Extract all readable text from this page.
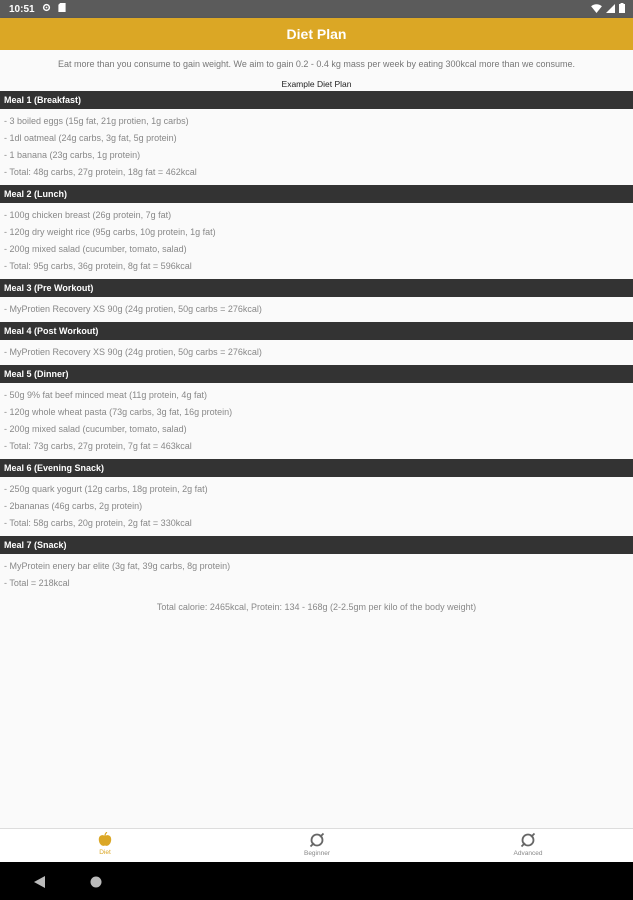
10:51
Diet Plan
Eat more than you consume to gain weight. We aim to gain 0.2 - 0.4 kg mass per week by eating 300kcal more than we consume.
Example Diet Plan
Meal 1 (Breakfast)
- 3 boiled eggs (15g fat, 21g protien, 1g carbs)
- 1dl oatmeal (24g carbs, 3g fat, 5g protein)
- 1 banana (23g carbs, 1g protein)
- Total: 48g carbs, 27g protein, 18g fat = 462kcal
Meal 2 (Lunch)
- 100g chicken breast (26g protein, 7g fat)
- 120g dry weight rice (95g carbs, 10g protein, 1g fat)
- 200g mixed salad (cucumber, tomato, salad)
- Total: 95g carbs, 36g protein, 8g fat = 596kcal
Meal 3 (Pre Workout)
- MyProtien Recovery XS 90g (24g protien, 50g carbs = 276kcal)
Meal 4 (Post Workout)
- MyProtien Recovery XS 90g (24g protien, 50g carbs = 276kcal)
Meal 5 (Dinner)
- 50g 9% fat beef minced meat (11g protein, 4g fat)
- 120g whole wheat pasta (73g carbs, 3g fat, 16g protein)
- 200g mixed salad (cucumber, tomato, salad)
- Total: 73g carbs, 27g protein, 7g fat = 463kcal
Meal 6 (Evening Snack)
- 250g quark yogurt (12g carbs, 18g protein, 2g fat)
- 2bananas (46g carbs, 2g protein)
- Total: 58g carbs, 20g protein, 2g fat = 330kcal
Meal 7 (Snack)
- MyProtein enery bar elite (3g fat, 39g carbs, 8g protein)
- Total = 218kcal
Total calorie: 2465kcal, Protein: 134 - 168g (2-2.5gm per kilo of the body weight)
Diet	Beginner	Advanced
